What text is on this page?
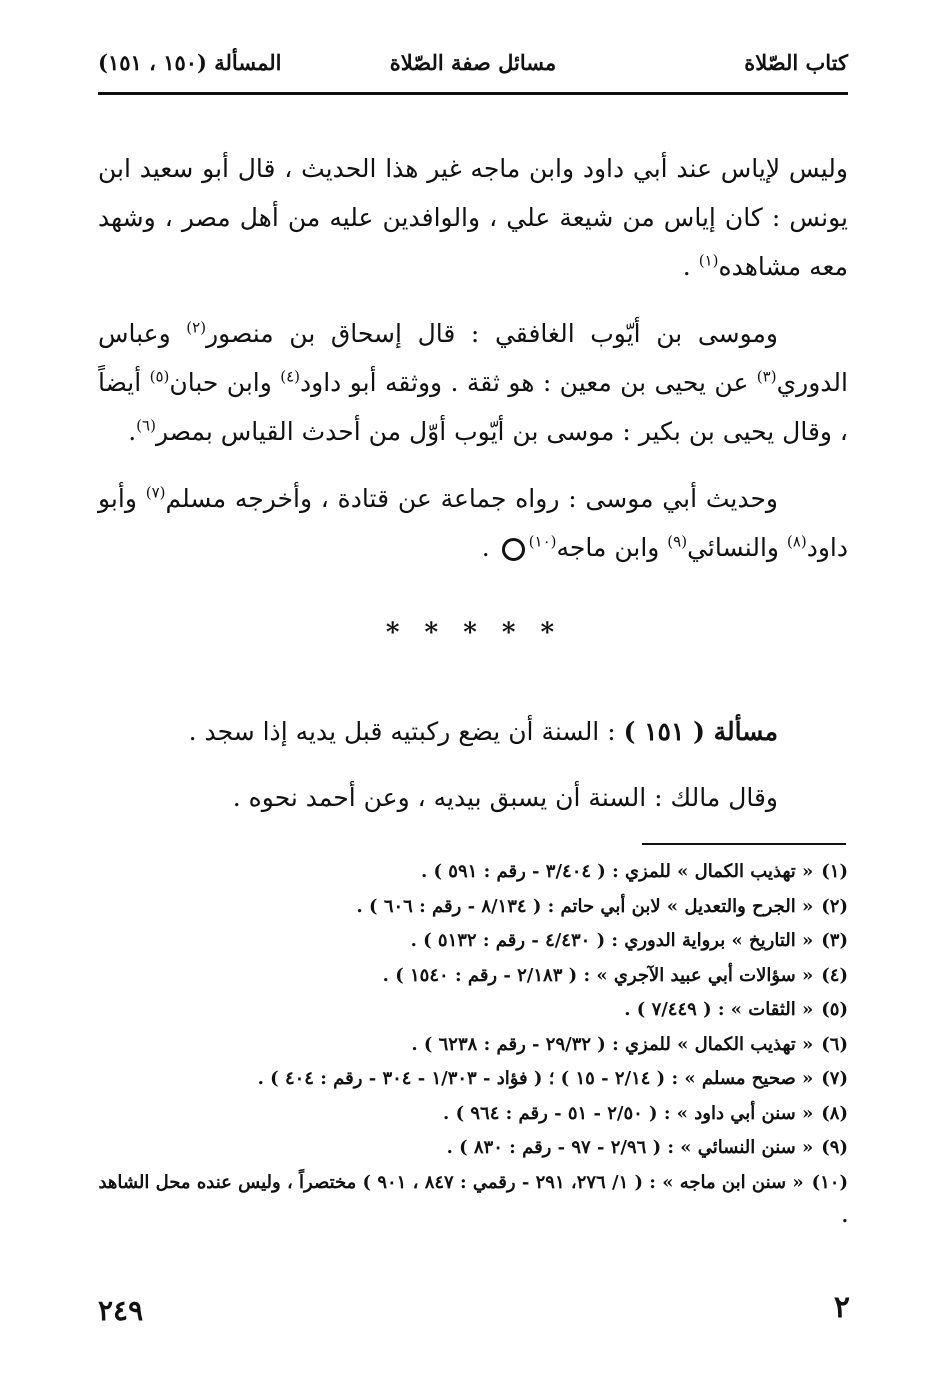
كتاب الصّلاة
مسائل صفة الصّلاة
المسألة (١٥٠ ، ١٥١)

وليس لإياس عند أبي داود وابن ماجه غير هذا الحديث ، قال أبو سعيد ابن يونس : كان إياس من شيعة علي ، والوافدين عليه من أهل مصر ، وشهد معه مشاهده$^{(١)}$ .

وموسى بن أيّوب الغافقي : قال إسحاق بن منصور$^{(٢)}$ وعباس الدوري$^{(٣)}$ عن يحيى بن معين : هو ثقة . ووثقه أبو داود$^{(٤)}$ وابن حبان$^{(٥)}$ أيضاً ، وقال يحيى بن بكير : موسى بن أيّوب أوّل من أحدث القياس بمصر$^{(٦)}$.

وحديث أبي موسى : رواه جماعة عن قتادة ، وأخرجه مسلم$^{(٧)}$ وأبو داود$^{(٨)}$ والنسائي$^{(٩)}$ وابن ماجه$^{(١٠)}$ .

* * * * *

مسألة ( ١٥١ ) : السنة أن يضع ركبتيه قبل يديه إذا سجد .

وقال مالك : السنة أن يسبق بيديه ، وعن أحمد نحوه .

(١)« تهذيب الكمال » للمزي : ( ٣/٤٠٤ - رقم : ٥٩١ ) .
(٢)« الجرح والتعديل » لابن أبي حاتم : ( ٨/١٣٤ - رقم : ٦٠٦ ) .
(٣)« التاريخ » برواية الدوري : ( ٤/٤٣٠ - رقم : ٥١٣٢ ) .
(٤)« سؤالات أبي عبيد الآجري » : ( ٢/١٨٣ - رقم : ١٥٤٠ ) .
(٥)« الثقات » : ( ٧/٤٤٩ ) .
(٦)« تهذيب الكمال » للمزي : ( ٢٩/٣٢ - رقم : ٦٢٣٨ ) .
(٧)« صحيح مسلم » : ( ٢/١٤ - ١٥ ) ؛ ( فؤاد - ١/٣٠٣ - ٣٠٤ - رقم : ٤٠٤ ) .
(٨)« سنن أبي داود » : ( ٢/٥٠ - ٥١ - رقم : ٩٦٤ ) .
(٩)« سنن النسائي » : ( ٢/٩٦ - ٩٧ - رقم : ٨٣٠ ) .
(١٠)« سنن ابن ماجه » : ( ١/ ٢٧٦، ٢٩١ - رقمي : ٨٤٧ ، ٩٠١ ) مختصراً ، وليس عنده محل الشاهد .
٢
٢٤٩
